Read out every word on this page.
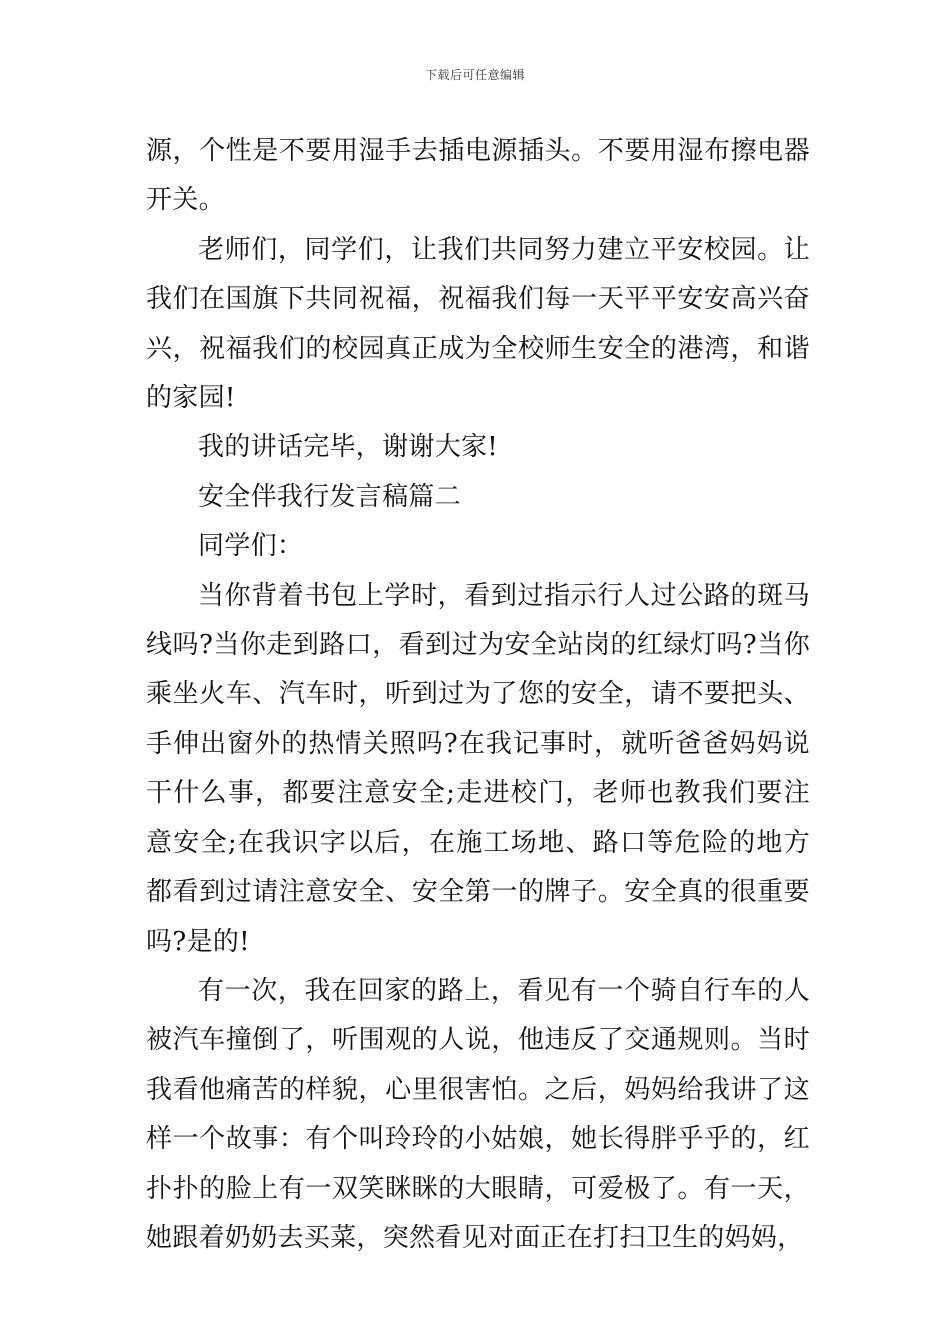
下载后可任意编辑

源，个性是不要用湿手去插电源插头。不要用湿布擦电器开关。

老师们，同学们，让我们共同努力建立平安校园。让我们在国旗下共同祝福，祝福我们每一天平平安安高兴奋兴，祝福我们的校园真正成为全校师生安全的港湾，和谐的家园!

我的讲话完毕，谢谢大家!

安全伴我行发言稿篇二

同学们：

当你背着书包上学时，看到过指示行人过公路的斑马线吗?当你走到路口，看到过为安全站岗的红绿灯吗?当你乘坐火车、汽车时，听到过为了您的安全，请不要把头、手伸出窗外的热情关照吗?在我记事时，就听爸爸妈妈说干什么事，都要注意安全;走进校门，老师也教我们要注意安全;在我识字以后，在施工场地、路口等危险的地方都看到过请注意安全、安全第一的牌子。安全真的很重要吗?是的!

有一次，我在回家的路上，看见有一个骑自行车的人被汽车撞倒了，听围观的人说，他违反了交通规则。当时我看他痛苦的样貌，心里很害怕。之后，妈妈给我讲了这样一个故事：有个叫玲玲的小姑娘，她长得胖乎乎的，红扑扑的脸上有一双笑眯眯的大眼睛，可爱极了。有一天，她跟着奶奶去买菜，突然看见对面正在打扫卫生的妈妈，
